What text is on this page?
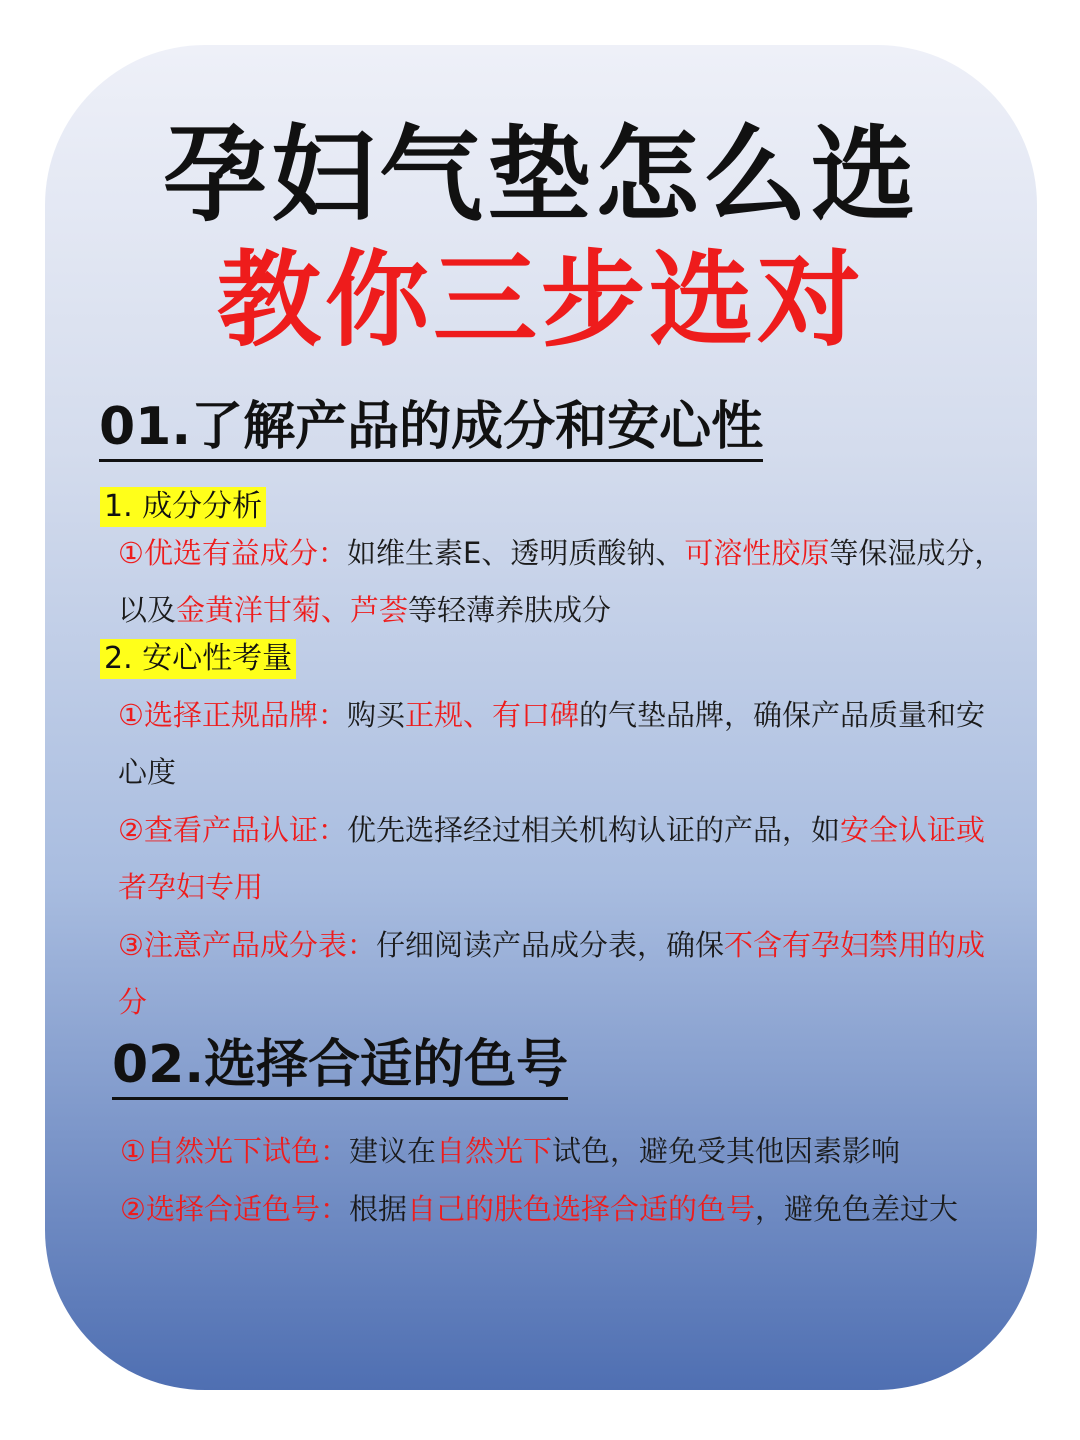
孕妇气垫怎么选
教你三步选对
01.了解产品的成分和安心性
1. 成分分析
①优选有益成分：如维生素E、透明质酸钠、可溶性胶原等保湿成分，以及金黄洋甘菊、芦荟等轻薄养肤成分
2. 安心性考量
①选择正规品牌：购买正规、有口碑的气垫品牌，确保产品质量和安心度
②查看产品认证：优先选择经过相关机构认证的产品，如安全认证或者孕妇专用
③注意产品成分表：仔细阅读产品成分表，确保不含有孕妇禁用的成分
02.选择合适的色号
①自然光下试色：建议在自然光下试色，避免受其他因素影响
②选择合适色号：根据自己的肤色选择合适的色号，避免色差过大
